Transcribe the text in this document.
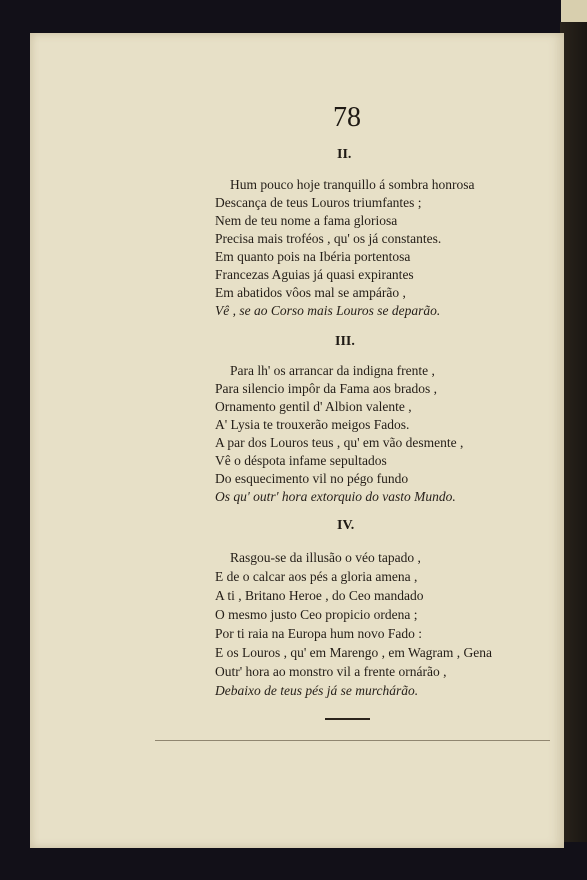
78
II.
Hum pouco hoje tranquillo á sombra honrosa
Descança de teus Louros triumfantes ;
Nem de teu nome a fama gloriosa
Precisa mais troféos , qu' os já constantes.
Em quanto pois na Ibéria portentosa
Francezas Aguias já quasi expirantes
Em abatidos vôos mal se ampárão ,
Vê , se ao Corso mais Louros se deparão.
III.
Para lh' os arrancar da indigna frente ,
Para silencio impôr da Fama aos brados ,
Ornamento gentil d' Albion valente ,
A' Lysia te trouxerão meigos Fados.
A par dos Louros teus , qu' em vão desmente ,
Vê o déspota infame sepultados
Do esquecimento vil no pégo fundo
Os qu' outr' hora extorquio do vasto Mundo.
IV.
Rasgou-se da illusão o véo tapado ,
E de o calcar aos pés a gloria amena ,
A ti , Britano Heroe , do Ceo mandado
O mesmo justo Ceo propicio ordena ;
Por ti raia na Europa hum novo Fado :
E os Louros , qu' em Marengo , em Wagram , Gena
Outr' hora ao monstro vil a frente ornárão ,
Debaixo de teus pés já se murchárão.
